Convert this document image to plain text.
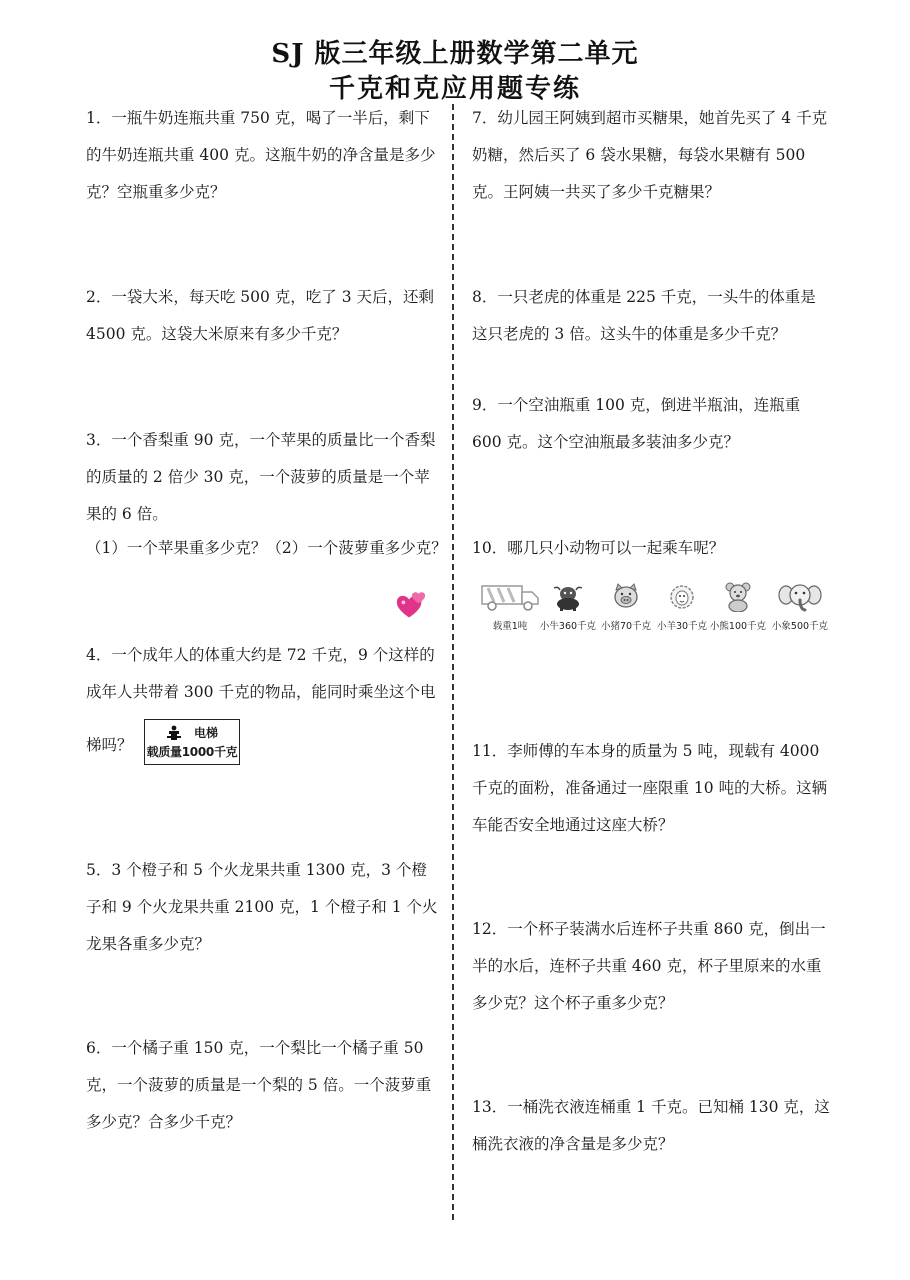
SJ 版三年级上册数学第二单元
千克和克应用题专练

1．一瓶牛奶连瓶共重 750 克，喝了一半后，剩下的牛奶连瓶共重 400 克。这瓶牛奶的净含量是多少克？空瓶重多少克？

2．一袋大米，每天吃 500 克，吃了 3 天后，还剩 4500 克。这袋大米原来有多少千克？

3．一个香梨重 90 克，一个苹果的质量比一个香梨的质量的 2 倍少 30 克，一个菠萝的质量是一个苹果的 6 倍。

（1）一个苹果重多少克？（2）一个菠萝重多少克？

4．一个成年人的体重大约是 72 千克，9 个这样的成年人共带着 300 千克的物品，能同时乘坐这个电

梯吗？

电梯
载质量1000千克

5．3 个橙子和 5 个火龙果共重 1300 克，3 个橙子和 9 个火龙果共重 2100 克，1 个橙子和 1 个火龙果各重多少克？

6．一个橘子重 150 克，一个梨比一个橘子重 50 克，一个菠萝的质量是一个梨的 5 倍。一个菠萝重多少克？合多少千克？

7．幼儿园王阿姨到超市买糖果，她首先买了 4 千克奶糖，然后买了 6 袋水果糖，每袋水果糖有 500 克。王阿姨一共买了多少千克糖果？

8．一只老虎的体重是 225 千克，一头牛的体重是这只老虎的 3 倍。这头牛的体重是多少千克？

9．一个空油瓶重 100 克，倒进半瓶油，连瓶重 600 克。这个空油瓶最多装油多少克？

10．哪几只小动物可以一起乘车呢？

载重1吨	小牛360千克 小猪70千克 小羊30千克 小熊100千克 小象500千克

11．李师傅的车本身的质量为 5 吨，现载有 4000 千克的面粉，准备通过一座限重 10 吨的大桥。这辆车能否安全地通过这座大桥？

12．一个杯子装满水后连杯子共重 860 克，倒出一半的水后，连杯子共重 460 克，杯子里原来的水重多少克？这个杯子重多少克？

13．一桶洗衣液连桶重 1 千克。已知桶 130 克，这桶洗衣液的净含量是多少克？
